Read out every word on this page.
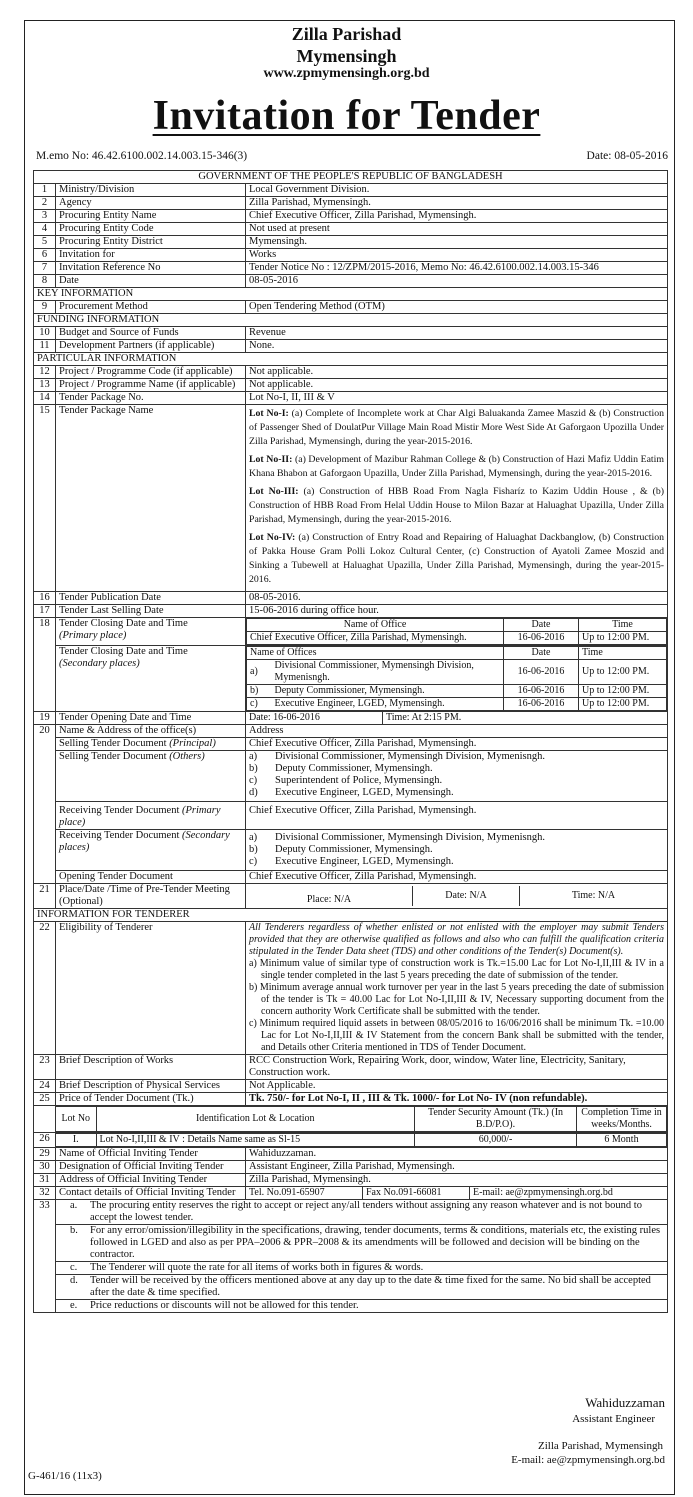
Zilla Parishad
Mymensingh
www.zpmymensingh.org.bd
Invitation for Tender
M.emo No: 46.42.6100.002.14.003.15-346(3)	Date: 08-05-2016
GOVERNMENT OF THE PEOPLE'S REPUBLIC OF BANGLADESH
1	Ministry/Division	Local Government Division.
2	Agency	Zilla Parishad, Mymensingh.
3	Procuring Entity Name	Chief Executive Officer, Zilla Parishad, Mymensingh.
4	Procuring Entity Code	Not used at present
5	Procuring Entity District	Mymensingh.
6	Invitation for	Works
7	Invitation Reference No	Tender Notice No : 12/ZPM/2015-2016, Memo No: 46.42.6100.002.14.003.15-346
8	Date	08-05-2016
KEY INFORMATION
9	Procurement Method	Open Tendering Method (OTM)
FUNDING INFORMATION
10	Budget and Source of Funds	Revenue
11	Development Partners (if applicable)	None.
PARTICULAR INFORMATION
12	Project / Programme Code (if applicable)	Not applicable.
13	Project / Programme Name (if applicable)	Not applicable.
14	Tender Package No.	Lot No-I, II, III & V
15	Tender Package Name	Lot No-I: (a) Complete of Incomplete work at Char Algi Baluakanda Zamee Maszid & (b) Construction of Passenger Shed of DoulatPur Village Main Road Mistir More West Side At Gaforgaon Upozilla Under Zilla Parishad, Mymensingh, during the year-2015-2016.

Lot No-II: (a) Development of Mazibur Rahman College & (b) Construction of Hazi Mafiz Uddin Eatim Khana Bhabon at Gaforgaon Upazilla, Under Zilla Parishad, Mymensingh, during the year-2015-2016.

Lot No-III: (a) Construction of HBB Road From Nagla Fisharíz to Kazim Uddin House , & (b) Construction of HBB Road From Helal Uddin House to Milon Bazar at Haluaghat Upazilla, Under Zilla Parishad, Mymensingh, during the year-2015-2016.

Lot No-IV: (a) Construction of Entry Road and Repairing of Haluaghat Dackbanglow, (b) Construction of Pakka House Gram Polli Lokoz Cultural Center, (c) Construction of Ayatoli Zamee Moszid and Sinking a Tubewell at Haluaghat Upazilla, Under Zilla Parishad, Mymensingh, during the year-2015-2016.

16	Tender Publication Date	08-05-2016.
17	Tender Last Selling Date	15-06-2016 during office hour.
18	Tender Closing Date and Time
(Primary place)

Name of Office	Date	Time
Chief Executive Officer, Zilla Parishad, Mymensingh.	16-06-2016	Up to 12:00 PM.

Tender Closing Date and Time
(Secondary places)

Name of Offices	Date	Time
a)	Divisional Commissioner, Mymensingh Division, Mymenisngh.	16-06-2016	Up to 12:00 PM.
b)	Deputy Commissioner, Mymensingh.	16-06-2016	Up to 12:00 PM.
c)	Executive Engineer, LGED, Mymensingh.	16-06-2016	Up to 12:00 PM.

19	Tender Opening Date and Time		Date: 16-06-2016	Time: At 2:15 PM.

20	Name & Address of the office(s)	Address
Selling Tender Document (Principal)	Chief Executive Officer, Zilla Parishad, Mymensingh.
Selling Tender Document (Others)	a) Divisional Commissioner, Mymensingh Division, Mymenisngh.
b) Deputy Commissioner, Mymensingh.
c) Superintendent of Police, Mymensingh.
d) Executive Engineer, LGED, Mymensingh.

Receiving Tender Document (Primary place)	Chief Executive Officer, Zilla Parishad, Mymensingh.
Receiving Tender Document (Secondary places)	
a) Divisional Commissioner, Mymensingh Division, Mymenisngh.
b) Deputy Commissioner, Mymensingh.
c) Executive Engineer, LGED, Mymensingh.

Opening Tender Document	Chief Executive Officer, Zilla Parishad, Mymensingh.
21	Place/Date /Time of Pre-Tender Meeting (Optional)		Place: N/A	Date: N/A	Time: N/A

INFORMATION FOR TENDERER
22	Eligibility of Tenderer	All Tenderers regardless of whether enlisted or not enlisted with the employer may submit Tenders provided that they are otherwise qualified as follows and also who can fulfill the qualification criteria stipulated in the Tender Data sheet (TDS) and other conditions of the Tender(s) Document(s).
a) Minimum value of similar type of construction work is Tk.=15.00 Lac for Lot No-I,II,III & IV in a single tender completed in the last 5 years preceding the date of submission of the tender.
b) Minimum average annual work turnover per year in the last 5 years preceding the date of submission of the tender is Tk = 40.00 Lac for Lot No-I,II,III & IV, Necessary supporting document from the concern authority Work Certificate shall be submitted with the tender.
c) Minimum required liquid assets in between 08/05/2016 to 16/06/2016 shall be minimum Tk. =10.00 Lac for Lot No-I,II,III & IV Statement from the concern Bank shall be submitted with the tender, and Details other Criteria mentioned in TDS of Tender Document.

23	Brief Description of Works	RCC Construction Work, Repairing Work, door, window, Water line, Electricity, Sanitary, Construction work.
24	Brief Description of Physical Services	Not Applicable.
25	Price of Tender Document (Tk.)	Tk. 750/- for Lot No-I, II , III & Tk. 1000/- for Lot No- IV (non refundable).

Lot No	Identification Lot & Location	Tender Security Amount (Tk.) (In B.D/P.O).	Completion Time in weeks/Months.

26	I.	Lot No-I,II,III & IV : Details Name same as Sl-15	60,000/-	6 Month

29	Name of Official Inviting Tender	Wahiduzzaman.
30	Designation of Official Inviting Tender	Assistant Engineer, Zilla Parishad, Mymensingh.
31	Address of Official Inviting Tender	Zilla Parishad, Mymensingh.
32	Contact details of Official Inviting Tender	Tel. No.091-65907	Fax No.091-66081	E-mail: ae@zpmymensingh.org.bd

33	a.	The procuring entity reserves the right to accept or reject any/all tenders without assigning any reason whatever and is not bound to accept the lowest tender.

b.	For any error/omission/illegibility in the specifications, drawing, tender documents, terms & conditions, materials etc, the existing rules followed in LGED and also as per PPA–2006 & PPR–2008 & its amendments will be followed and decision will be binding on the contractor.

c.	The Tenderer will quote the rate for all items of works both in figures & words.

d.	Tender will be received by the officers mentioned above at any day up to the date & time fixed for the same. No bid shall be accepted after the date & time specified.

e.	Price reductions or discounts will not be allowed for this tender.
Wahiduzzaman
Assistant Engineer
Zilla Parishad, Mymensingh
E-mail: ae@zpmymensingh.org.bd
G-461/16 (11x3)
